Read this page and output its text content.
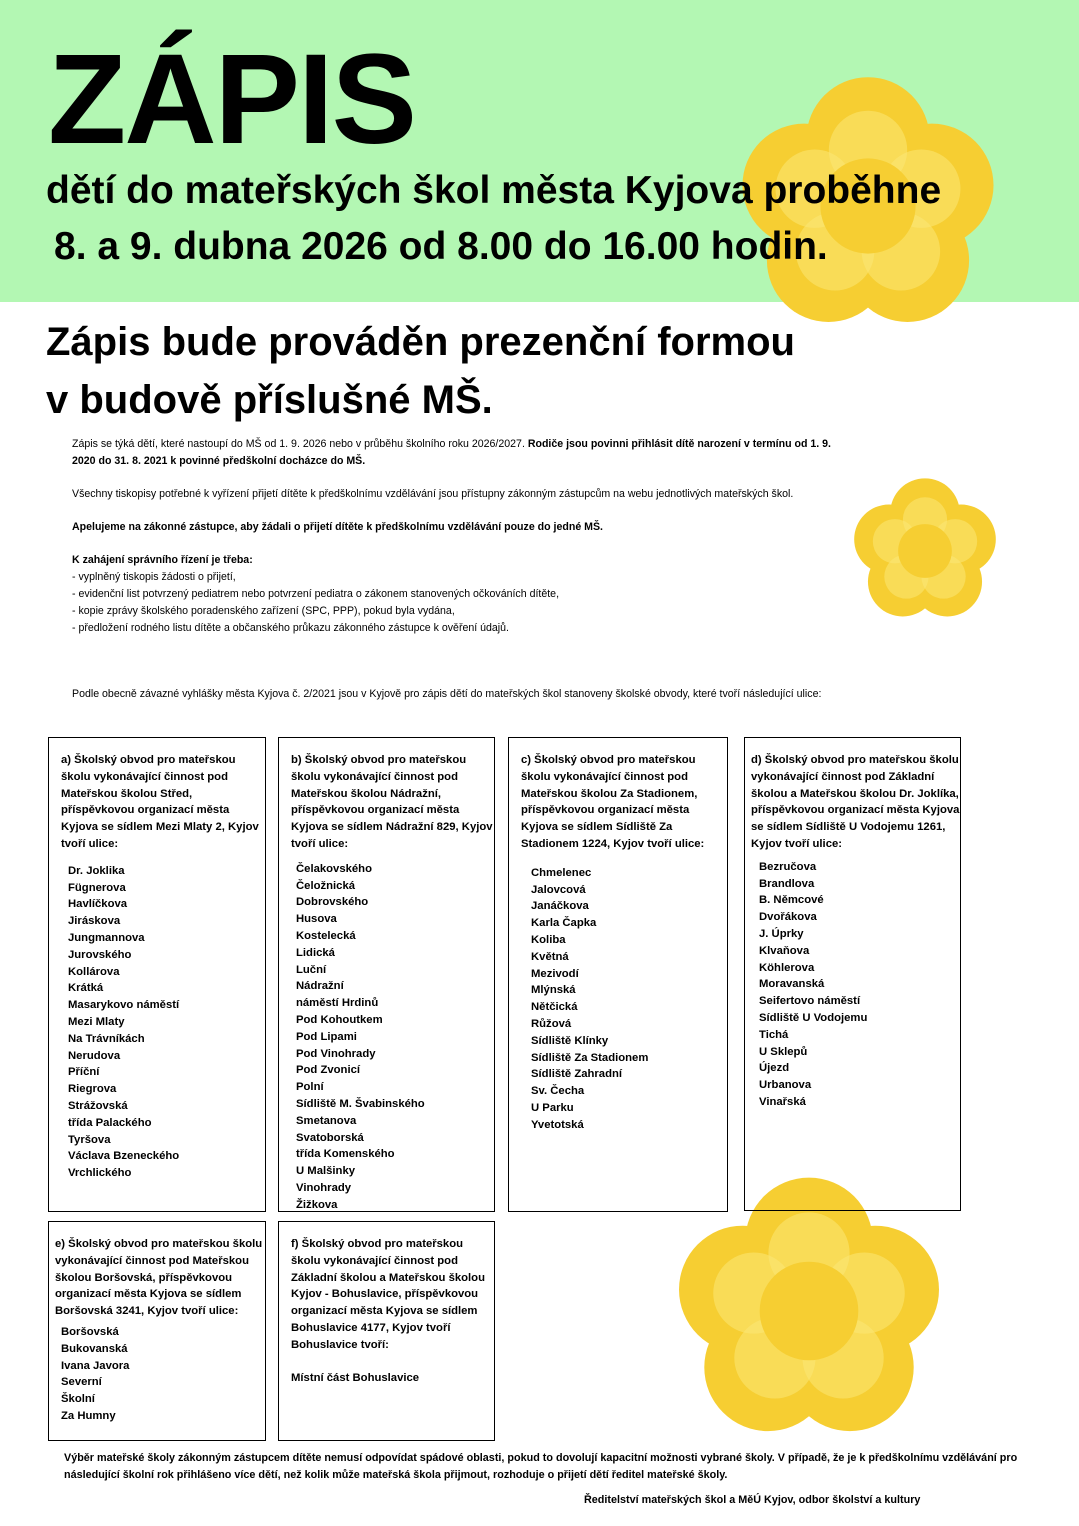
ZÁPIS
dětí do mateřských škol města Kyjova proběhne
8. a 9. dubna 2026 od 8.00 do 16.00 hodin.
Zápis bude prováděn prezenční formou
v budově příslušné MŠ.

Zápis se týká dětí, které nastoupí do MŠ od 1. 9. 2026 nebo v průběhu školního roku 2026/2027. Rodiče jsou povinni přihlásit dítě narození v termínu od 1. 9. 2020 do 31. 8. 2021 k povinné předškolní docházce do MŠ.

Všechny tiskopisy potřebné k vyřízení přijetí dítěte k předškolnímu vzdělávání jsou přístupny zákonným zástupcům na webu jednotlivých mateřských škol.

Apelujeme na zákonné zástupce, aby žádali o přijetí dítěte k předškolnímu vzdělávání pouze do jedné MŠ.

K zahájení správního řízení je třeba:
- vyplněný tiskopis žádosti o přijetí,
- evidenční list potvrzený pediatrem nebo potvrzení pediatra o zákonem stanovených očkováních dítěte,
- kopie zprávy školského poradenského zařízení (SPC, PPP), pokud byla vydána,
- předložení rodného listu dítěte a občanského průkazu zákonného zástupce k ověření údajů.
Podle obecně závazné vyhlášky města Kyjova č. 2/2021 jsou v Kyjově pro zápis dětí do mateřských škol stanoveny školské obvody, které tvoří následující ulice:

a) Školský obvod pro mateřskou školu vykonávající činnost pod Mateřskou školou Střed, příspěvkovou organizací města Kyjova se sídlem Mezi Mlaty 2, Kyjov tvoří ulice:

Dr. Joklika
Fügnerova
Havlíčkova
Jiráskova
Jungmannova
Jurovského
Kollárova
Krátká
Masarykovo náměstí
Mezi Mlaty
Na Trávníkách
Nerudova
Příční
Riegrova
Strážovská
třída Palackého
Tyršova
Václava Bzeneckého
Vrchlického

b) Školský obvod pro mateřskou školu vykonávající činnost pod Mateřskou školou Nádražní, příspěvkovou organizací města Kyjova se sídlem Nádražní 829, Kyjov tvoří ulice:

Čelakovského
Čeložnická
Dobrovského
Husova
Kostelecká
Lidická
Luční
Nádražní
náměstí Hrdinů
Pod Kohoutkem
Pod Lipami
Pod Vinohrady
Pod Zvonicí
Polní
Sídliště M. Švabinského
Smetanova
Svatoborská
třída Komenského
U Malšinky
Vinohrady
Žižkova

c) Školský obvod pro mateřskou školu vykonávající činnost pod Mateřskou školou Za Stadionem, příspěvkovou organizací města Kyjova se sídlem Sídliště Za Stadionem 1224, Kyjov tvoří ulice:

Chmelenec
Jalovcová
Janáčkova
Karla Čapka
Koliba
Květná
Mezivodí
Mlýnská
Nětčická
Růžová
Sídliště Klínky
Sídliště Za Stadionem
Sídliště Zahradní
Sv. Čecha
U Parku
Yvetotská

d) Školský obvod pro mateřskou školu vykonávající činnost pod Základní školou a Mateřskou školou Dr. Joklíka, příspěvkovou organizací města Kyjova se sídlem Sídliště U Vodojemu 1261, Kyjov tvoří ulice:

Bezručova
Brandlova
B. Němcové
Dvořákova
J. Úprky
Klvaňova
Köhlerova
Moravanská
Seifertovo náměstí
Sídliště U Vodojemu
Tichá
U Sklepů
Újezd
Urbanova
Vinařská

e) Školský obvod pro mateřskou školu vykonávající činnost pod Mateřskou školou Boršovská, příspěvkovou organizací města Kyjova se sídlem Boršovská 3241, Kyjov tvoří ulice:

Boršovská
Bukovanská
Ivana Javora
Severní
Školní
Za Humny

f) Školský obvod pro mateřskou školu vykonávající činnost pod Základní školou a Mateřskou školou Kyjov - Bohuslavice, příspěvkovou organizací města Kyjova se sídlem Bohuslavice 4177, Kyjov tvoří Bohuslavice tvoří:

Místní část Bohuslavice
Výběr mateřské školy zákonným zástupcem dítěte nemusí odpovídat spádové oblasti, pokud to dovolují kapacitní možnosti vybrané školy. V případě, že je k předškolnímu vzdělávání pro následující školní rok přihlášeno více dětí, než kolik může mateřská škola přijmout, rozhoduje o přijetí dětí ředitel mateřské školy.
Ředitelství mateřských škol a MěÚ Kyjov, odbor školství a kultury
